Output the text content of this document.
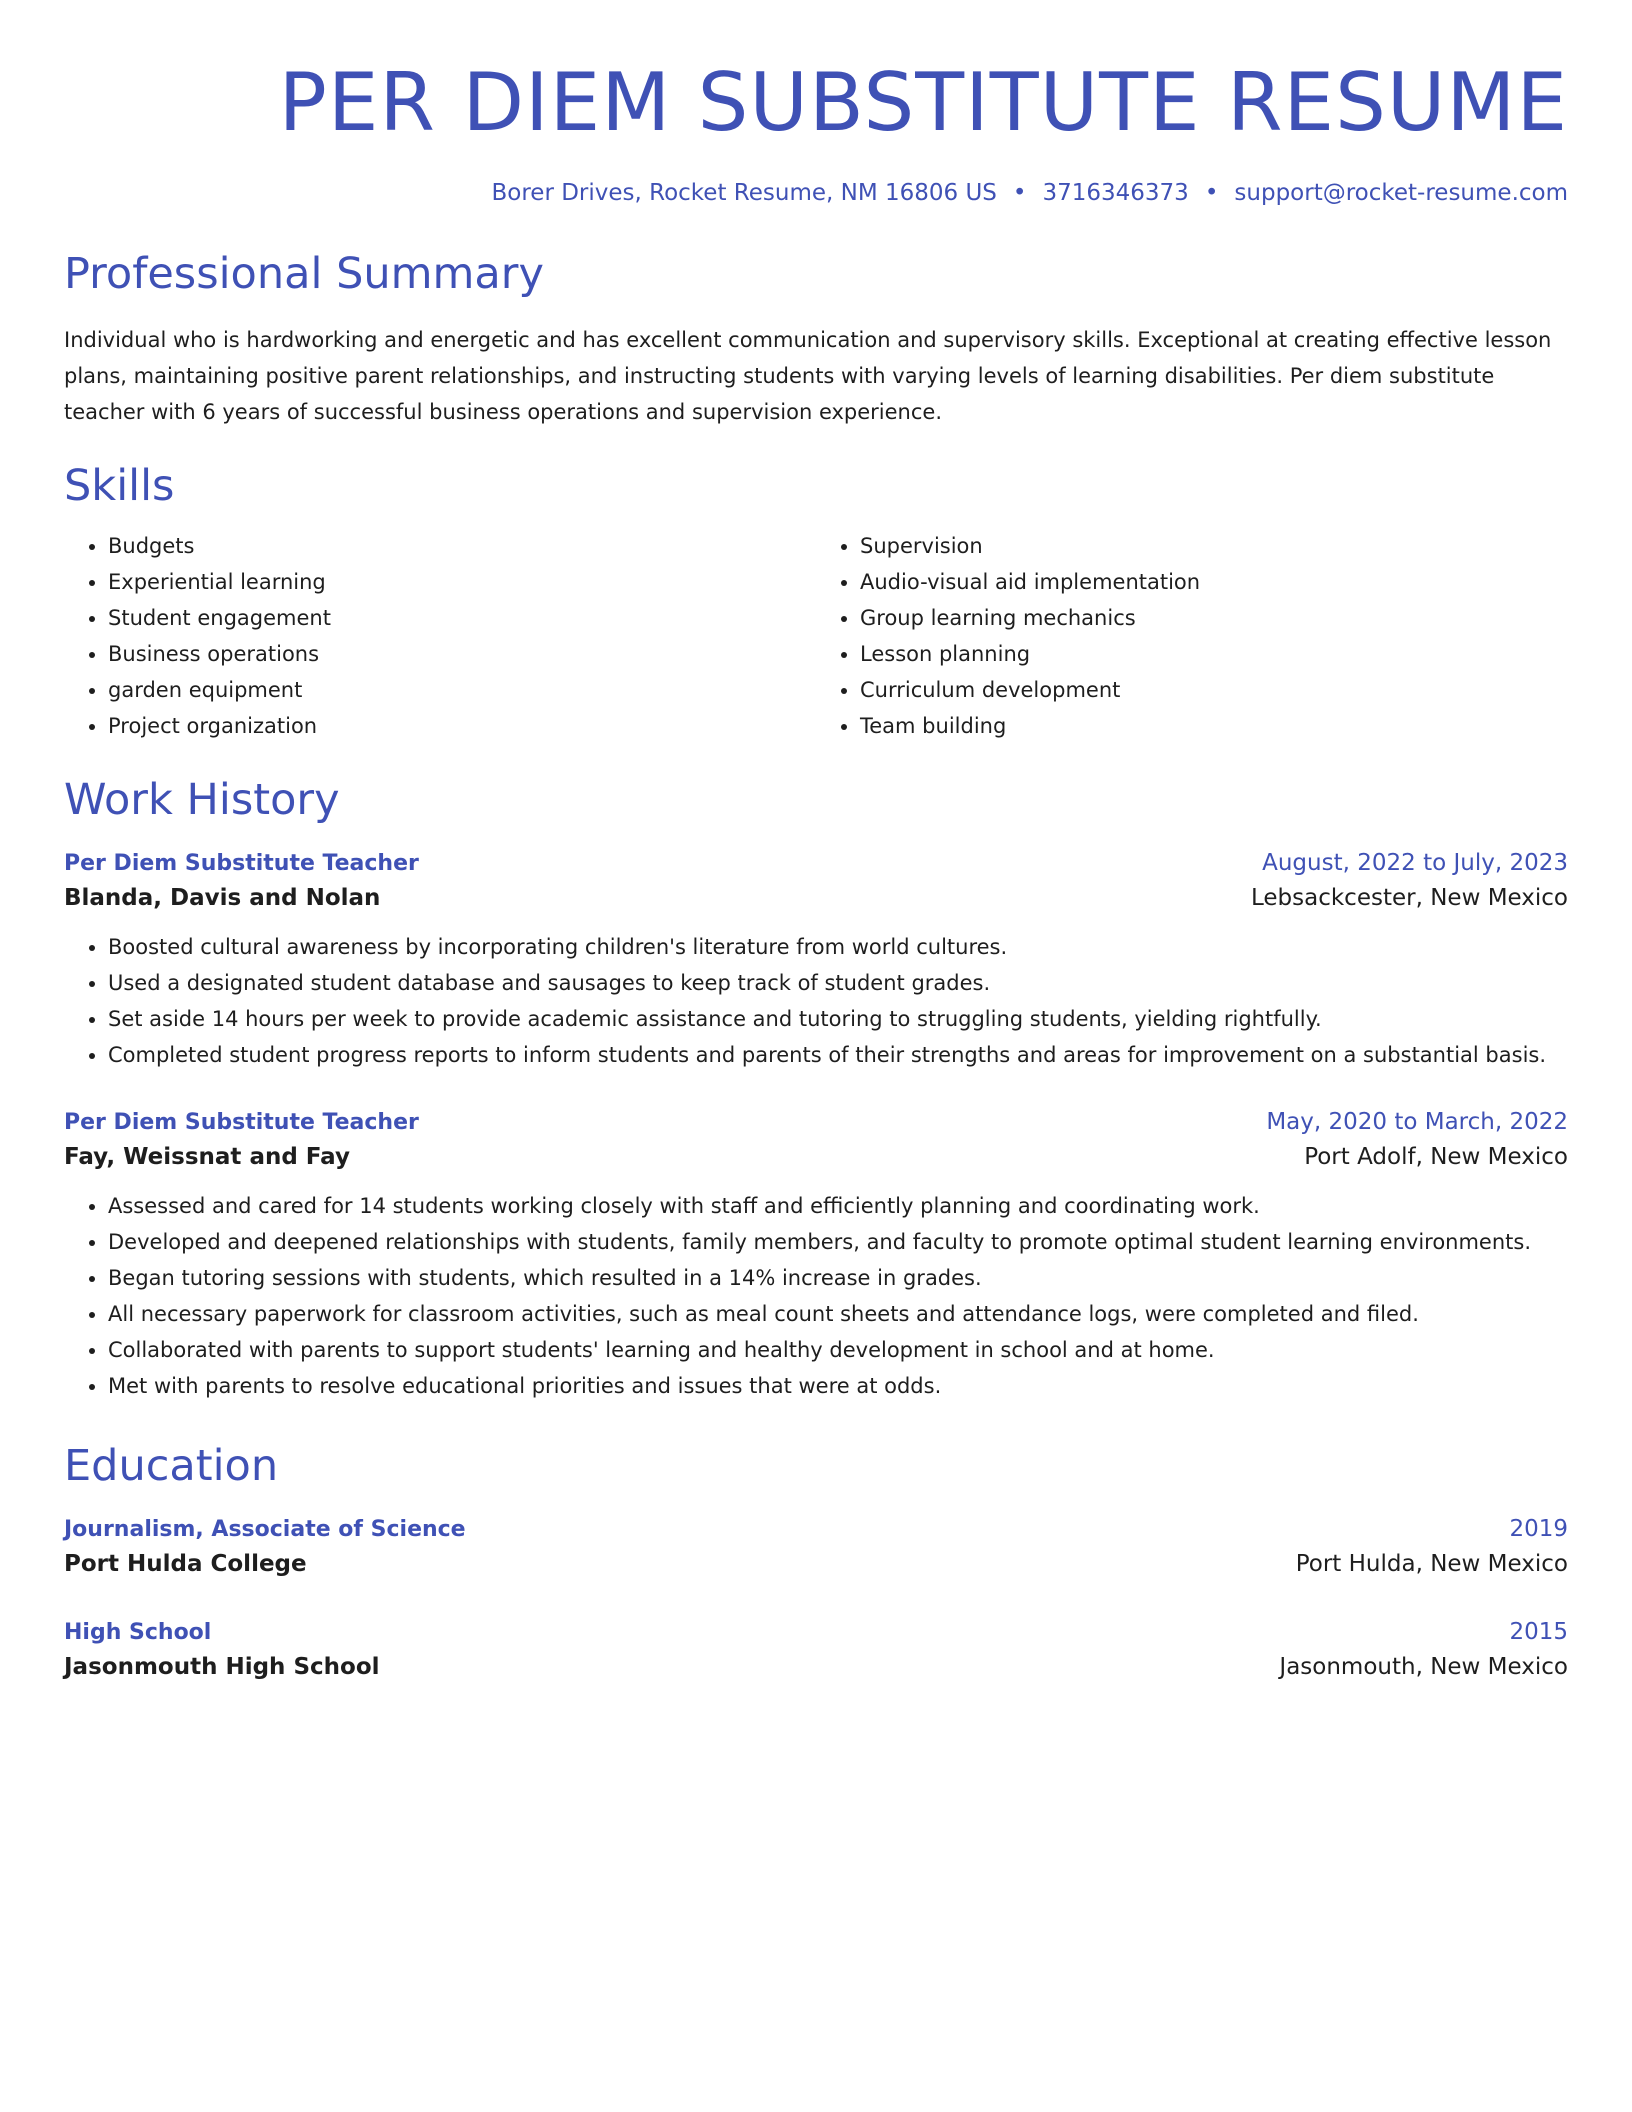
PER DIEM SUBSTITUTE RESUME
Borer Drives, Rocket Resume, NM 16806 US • 3716346373 • support@rocket-resume.com
Professional Summary
Individual who is hardworking and energetic and has excellent communication and supervisory skills. Exceptional at creating effective lesson plans, maintaining positive parent relationships, and instructing students with varying levels of learning disabilities. Per diem substitute teacher with 6 years of successful business operations and supervision experience.
Skills
• Budgets
• Experiential learning
• Student engagement
• Business operations
• garden equipment
• Project organization
• Supervision
• Audio-visual aid implementation
• Group learning mechanics
• Lesson planning
• Curriculum development
• Team building
Work History
Per Diem Substitute Teacher	August, 2022 to July, 2023
Blanda, Davis and Nolan	Lebsackcester, New Mexico
• Boosted cultural awareness by incorporating children's literature from world cultures.
• Used a designated student database and sausages to keep track of student grades.
• Set aside 14 hours per week to provide academic assistance and tutoring to struggling students, yielding rightfully.
• Completed student progress reports to inform students and parents of their strengths and areas for improvement on a substantial basis.
Per Diem Substitute Teacher	May, 2020 to March, 2022
Fay, Weissnat and Fay	Port Adolf, New Mexico
• Assessed and cared for 14 students working closely with staff and efficiently planning and coordinating work.
• Developed and deepened relationships with students, family members, and faculty to promote optimal student learning environments.
• Began tutoring sessions with students, which resulted in a 14% increase in grades.
• All necessary paperwork for classroom activities, such as meal count sheets and attendance logs, were completed and filed.
• Collaborated with parents to support students' learning and healthy development in school and at home.
• Met with parents to resolve educational priorities and issues that were at odds.
Education
Journalism, Associate of Science	2019
Port Hulda College	Port Hulda, New Mexico
High School	2015
Jasonmouth High School	Jasonmouth, New Mexico
